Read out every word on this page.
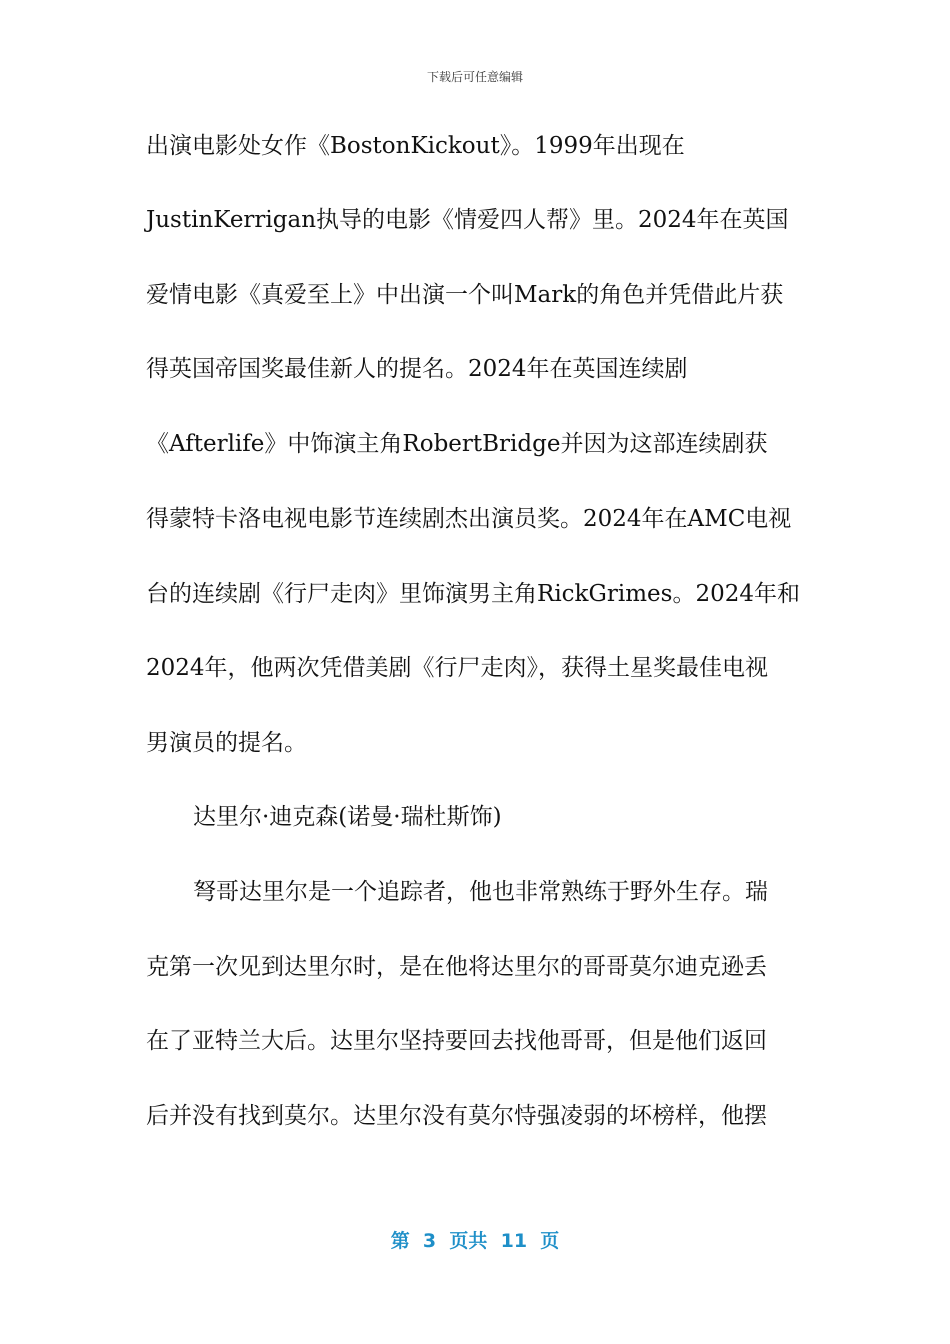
下载后可任意编辑
出演电影处女作《BostonKickout》。1999年出现在
JustinKerrigan执导的电影《情爱四人帮》里。2024年在英国
爱情电影《真爱至上》中出演一个叫Mark的角色并凭借此片获
得英国帝国奖最佳新人的提名。2024年在英国连续剧
《Afterlife》中饰演主角RobertBridge并因为这部连续剧获
得蒙特卡洛电视电影节连续剧杰出演员奖。2024年在AMC电视
台的连续剧《行尸走肉》里饰演男主角RickGrimes。2024年和
2024年，他两次凭借美剧《行尸走肉》，获得土星奖最佳电视
男演员的提名。
达里尔·迪克森(诺曼·瑞杜斯饰)
弩哥达里尔是一个追踪者，他也非常熟练于野外生存。瑞
克第一次见到达里尔时，是在他将达里尔的哥哥莫尔迪克逊丢
在了亚特兰大后。达里尔坚持要回去找他哥哥，但是他们返回
后并没有找到莫尔。达里尔没有莫尔恃强凌弱的坏榜样，他摆
第  3  页共  11  页
